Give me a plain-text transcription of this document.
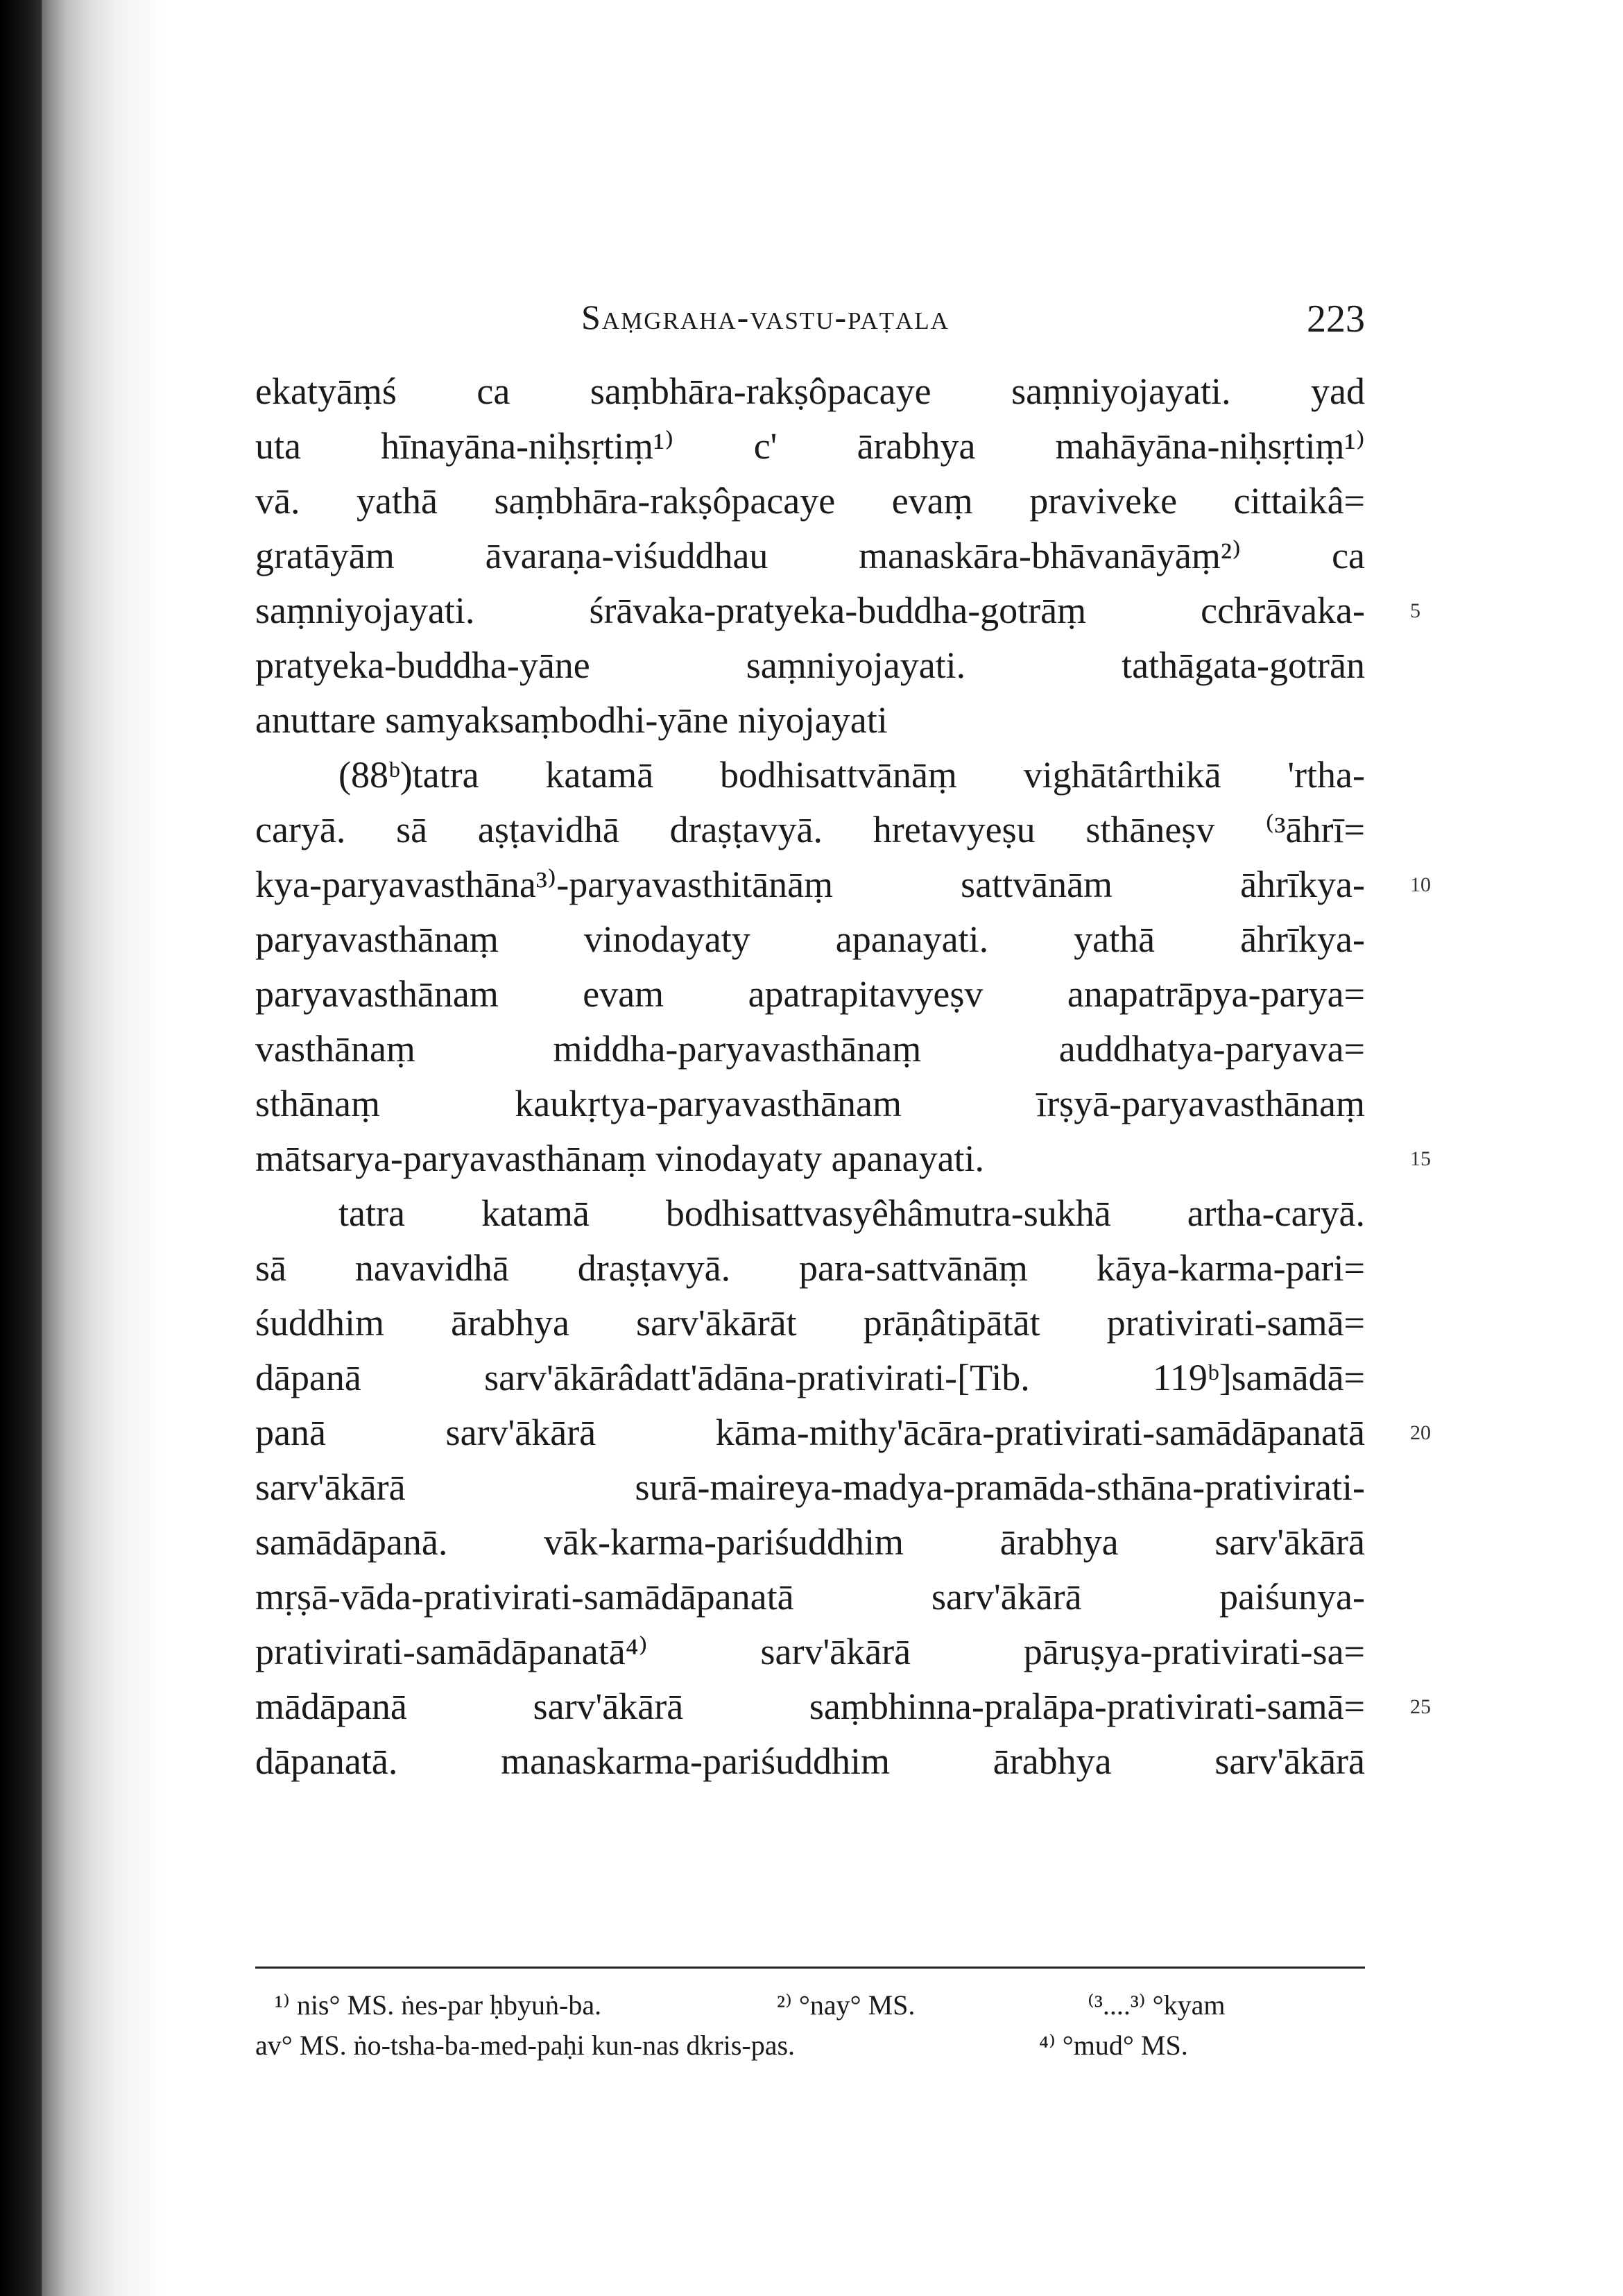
Saṃgraha-vastu-paṭala	223
ekatyāṃś ca saṃbhāra-rakṣôpacaye saṃniyojayati. yad
uta hīnayāna-niḥsṛtiṃ¹⁾ c' ārabhya mahāyāna-niḥsṛtiṃ¹⁾
vā. yathā saṃbhāra-rakṣôpacaye evaṃ praviveke cittaikâ=
gratāyām āvaraṇa-viśuddhau manaskāra-bhāvanāyāṃ²⁾ ca
saṃniyojayati. śrāvaka-pratyeka-buddha-gotrāṃ cchrāvaka- 5
pratyeka-buddha-yāne saṃniyojayati. tathāgata-gotrān
anuttare samyaksaṃbodhi-yāne niyojayati
(88ᵇ)tatra katamā bodhisattvānāṃ vighātârthikā 'rtha-
caryā. sā aṣṭavidhā draṣṭavyā. hretavyeṣu sthāneṣv ⁽³āhrī=
kya-paryavasthāna³⁾-paryavasthitānāṃ sattvānām āhrīkya- 10
paryavasthānaṃ vinodayaty apanayati. yathā āhrīkya-
paryavasthānam evam apatrapitavyeṣv anapatrāpya-parya=
vasthānaṃ middha-paryavasthānaṃ auddhatya-paryava=
sthānaṃ kaukṛtya-paryavasthānam īrṣyā-paryavasthānaṃ
mātsarya-paryavasthānaṃ vinodayaty apanayati.	15
tatra katamā bodhisattvasyêhâmutra-sukhā artha-caryā.
sā navavidhā draṣṭavyā. para-sattvānāṃ kāya-karma-pari=
śuddhim ārabhya sarv'ākārāt prāṇâtipātāt prativirati-samā=
dāpanā sarv'ākārâdatt'ādāna-prativirati-[Tib. 119ᵇ]samādā=
panā sarv'ākārā kāma-mithy'ācāra-prativirati-samādāpanatā 20
sarv'ākārā surā-maireya-madya-pramāda-sthāna-prativirati-
samādāpanā. vāk-karma-pariśuddhim ārabhya sarv'ākārā
mṛṣā-vāda-prativirati-samādāpanatā sarv'ākārā paiśunya-
prativirati-samādāpanatā⁴⁾ sarv'ākārā pāruṣya-prativirati-sa=
mādāpanā sarv'ākārā saṃbhinna-pralāpa-prativirati-samā= 25
dāpanatā. manaskarma-pariśuddhim ārabhya sarv'ākārā
¹⁾ nis° MS. ṅes-par ḥbyuṅ-ba.	²⁾ °nay° MS.	⁽³....³⁾ °kyam
av° MS. ṅo-tsha-ba-med-paḥi kun-nas dkris-pas.	⁴⁾ °mud° MS.
